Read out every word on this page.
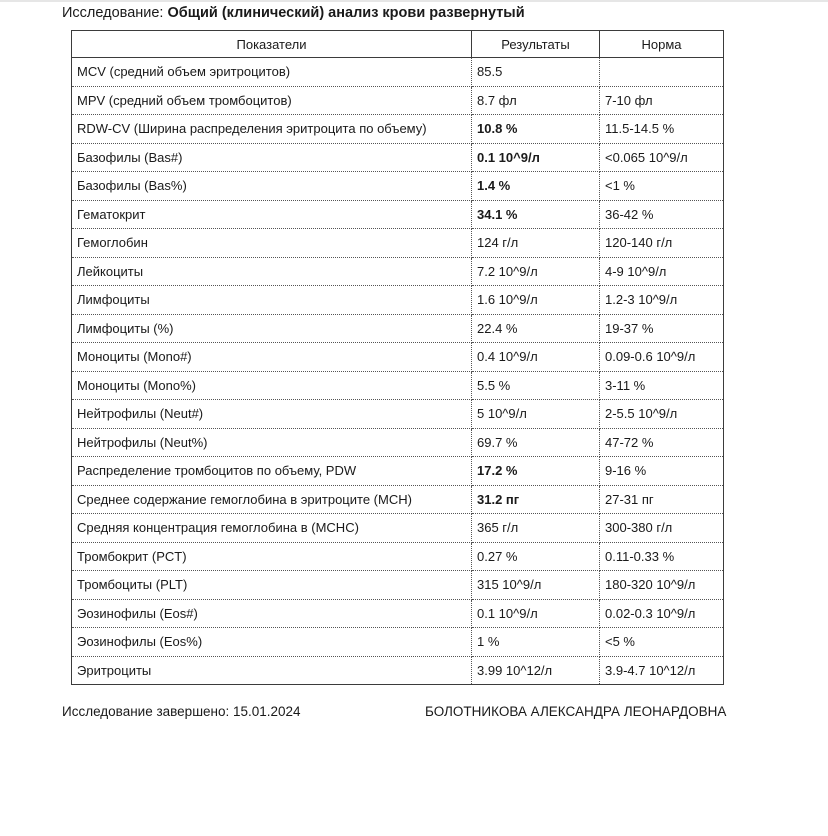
Исследование: Общий (клинический) анализ крови развернутый
Показатели	Результаты	Норма
MCV (средний объем эритроцитов)	85.5	
MPV (средний объем тромбоцитов)	8.7 фл	7-10 фл
RDW-CV (Ширина распределения эритроцита по объему)	10.8 %	11.5-14.5 %
Базофилы (Bas#)	0.1 10^9/л	<0.065 10^9/л
Базофилы (Bas%)	1.4 %	<1 %
Гематокрит	34.1 %	36-42 %
Гемоглобин	124 г/л	120-140 г/л
Лейкоциты	7.2 10^9/л	4-9 10^9/л
Лимфоциты	1.6 10^9/л	1.2-3 10^9/л
Лимфоциты (%)	22.4 %	19-37 %
Моноциты (Mono#)	0.4 10^9/л	0.09-0.6 10^9/л
Моноциты (Mono%)	5.5 %	3-11 %
Нейтрофилы (Neut#)	5 10^9/л	2-5.5 10^9/л
Нейтрофилы (Neut%)	69.7 %	47-72 %
Распределение тромбоцитов по объему, PDW	17.2 %	9-16 %
Среднее содержание гемоглобина в эритроците (MCH)	31.2 пг	27-31 пг
Средняя концентрация гемоглобина в (MCHC)	365 г/л	300-380 г/л
Тромбокрит (PCT)	0.27 %	0.11-0.33 %
Тромбоциты (PLT)	315 10^9/л	180-320 10^9/л
Эозинофилы (Eos#)	0.1 10^9/л	0.02-0.3 10^9/л
Эозинофилы (Eos%)	1 %	<5 %
Эритроциты	3.99 10^12/л	3.9-4.7 10^12/л
Исследование завершено: 15.01.2024	БОЛОТНИКОВА АЛЕКСАНДРА ЛЕОНАРДОВНА
